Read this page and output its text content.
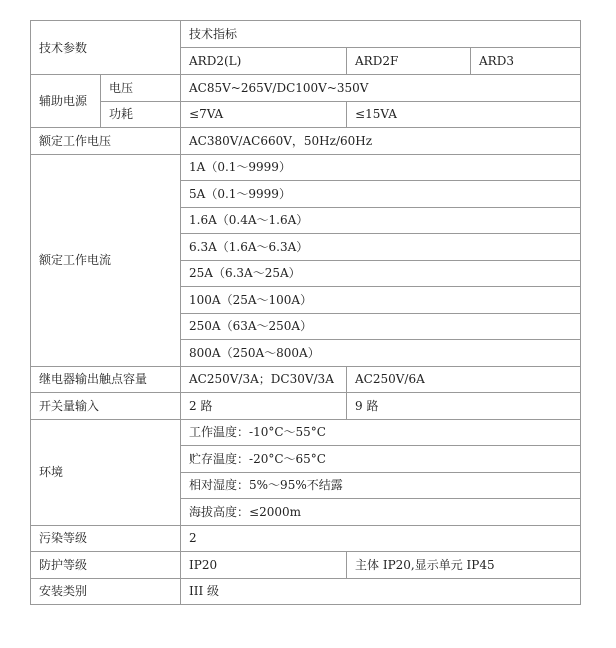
技术参数		技术指标		
		ARD2(L)	ARD2F	ARD3
辅助电源	电压	AC85V~265V/DC100V~350V		
	功耗	≤7VA	≤15VA	
额定工作电压		AC380V/AC660V，50Hz/60Hz		
额定工作电流		1A（0.1～9999）		
		5A（0.1～9999）		
		1.6A（0.4A～1.6A）		
		6.3A（1.6A～6.3A）		
		25A（6.3A～25A）		
		100A（25A～100A）		
		250A（63A～250A）		
		800A（250A～800A）		
继电器输出触点容量		AC250V/3A；DC30V/3A	AC250V/6A	
开关量输入		2 路	9 路	
环境		工作温度：-10°C～55°C		
		贮存温度：-20°C～65°C		
		相对湿度：5%～95%不结露		
		海拔高度：≤2000m		
污染等级		2		
防护等级		IP20	主体 IP20,显示单元 IP45	
安装类别		III 级		
